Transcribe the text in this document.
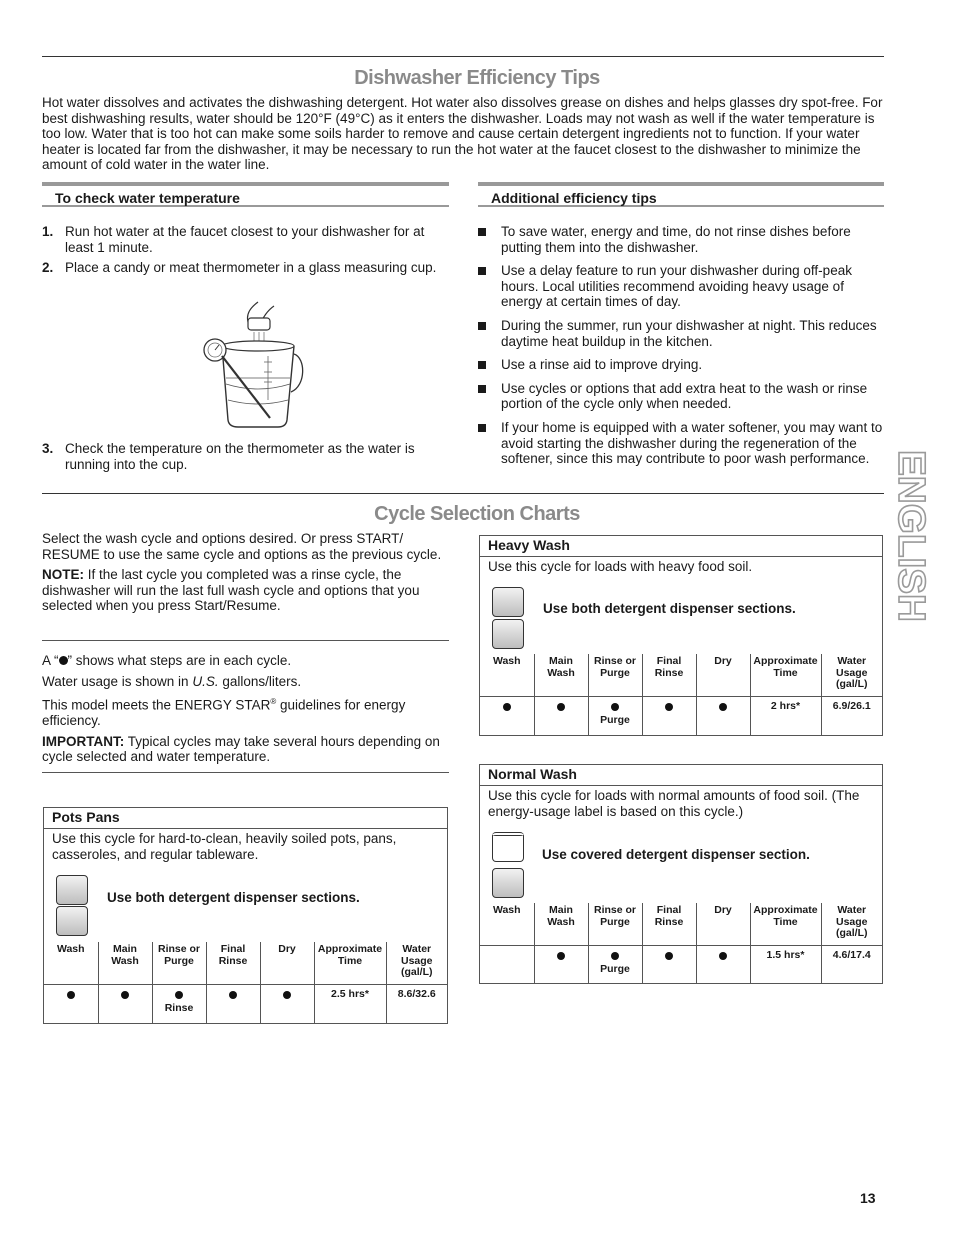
Dishwasher Efficiency Tips

Hot water dissolves and activates the dishwashing detergent. Hot water also dissolves grease on dishes and helps glasses dry spot-free. For best dishwashing results, water should be 120°F (49°C) as it enters the dishwasher. Loads may not wash as well if the water temperature is too low. Water that is too hot can make some soils harder to remove and cause certain detergent ingredients not to function. If your water heater is located far from the dishwasher, it may be necessary to run the hot water at the faucet closest to the dishwasher to minimize the amount of cold water in the water line.

To check water temperature
1. Run hot water at the faucet closest to your dishwasher for at least 1 minute.
2. Place a candy or meat thermometer in a glass measuring cup.
3. Check the temperature on the thermometer as the water is running into the cup.
Additional efficiency tips
To save water, energy and time, do not rinse dishes before putting them into the dishwasher.
Use a delay feature to run your dishwasher during off-peak hours. Local utilities recommend avoiding heavy usage of energy at certain times of day.
During the summer, run your dishwasher at night. This reduces daytime heat buildup in the kitchen.
Use a rinse aid to improve drying.
Use cycles or options that add extra heat to the wash or rinse portion of the cycle only when needed.
If your home is equipped with a water softener, you may want to avoid starting the dishwasher during the regeneration of the softener, since this may contribute to poor wash performance.
Cycle Selection Charts

Select the wash cycle and options desired. Or press START/ RESUME to use the same cycle and options as the previous cycle.

NOTE: If the last cycle you completed was a rinse cycle, the dishwasher will run the last full wash cycle and options that you selected when you press Start/Resume.

A “ ” shows what steps are in each cycle.

Water usage is shown in U.S. gallons/liters.

This model meets the ENERGY STAR® guidelines for energy efficiency.

IMPORTANT: Typical cycles may take several hours depending on cycle selected and water temperature.

Pots Pans
Use this cycle for hard-to-clean, heavily soiled pots, pans, casseroles, and regular tableware.
Use both detergent dispenser sections.
Wash	Main Wash	Rinse or Purge	Final Rinse	Dry	Approximate Time	Water Usage (gal/L)

		Rinse			2.5 hrs*	8.6/32.6
Heavy Wash
Use this cycle for loads with heavy food soil.
Use both detergent dispenser sections.
Wash	Main Wash	Rinse or Purge	Final Rinse	Dry	Approximate Time	Water Usage (gal/L)

		Purge			2 hrs*	6.9/26.1
Normal Wash
Use this cycle for loads with normal amounts of food soil. (The energy-usage label is based on this cycle.)
Use covered detergent dispenser section.
Wash	Main Wash	Rinse or Purge	Final Rinse	Dry	Approximate Time	Water Usage (gal/L)

		Purge			1.5 hrs*	4.6/17.4
ENGLISH
13
